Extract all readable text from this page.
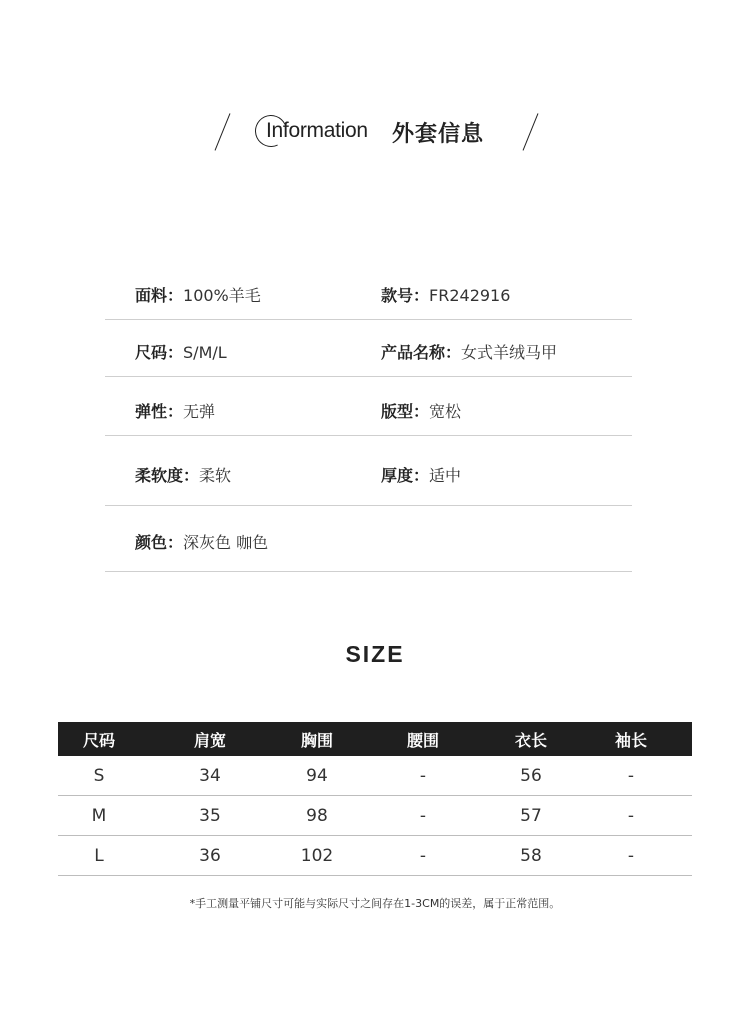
Information 外套信息
面料：100%羊毛	款号：FR242916
尺码：S/M/L	产品名称：女式羊绒马甲
弹性：无弹	版型：宽松
柔软度：柔软	厚度：适中
颜色：深灰色 咖色
SIZE
尺码	肩宽	胸围	腰围	衣长	袖长
S	34	94	-	56	-
M	35	98	-	57	-
L	36	102	-	58	-
*手工测量平铺尺寸可能与实际尺寸之间存在1-3CM的误差，属于正常范围。
